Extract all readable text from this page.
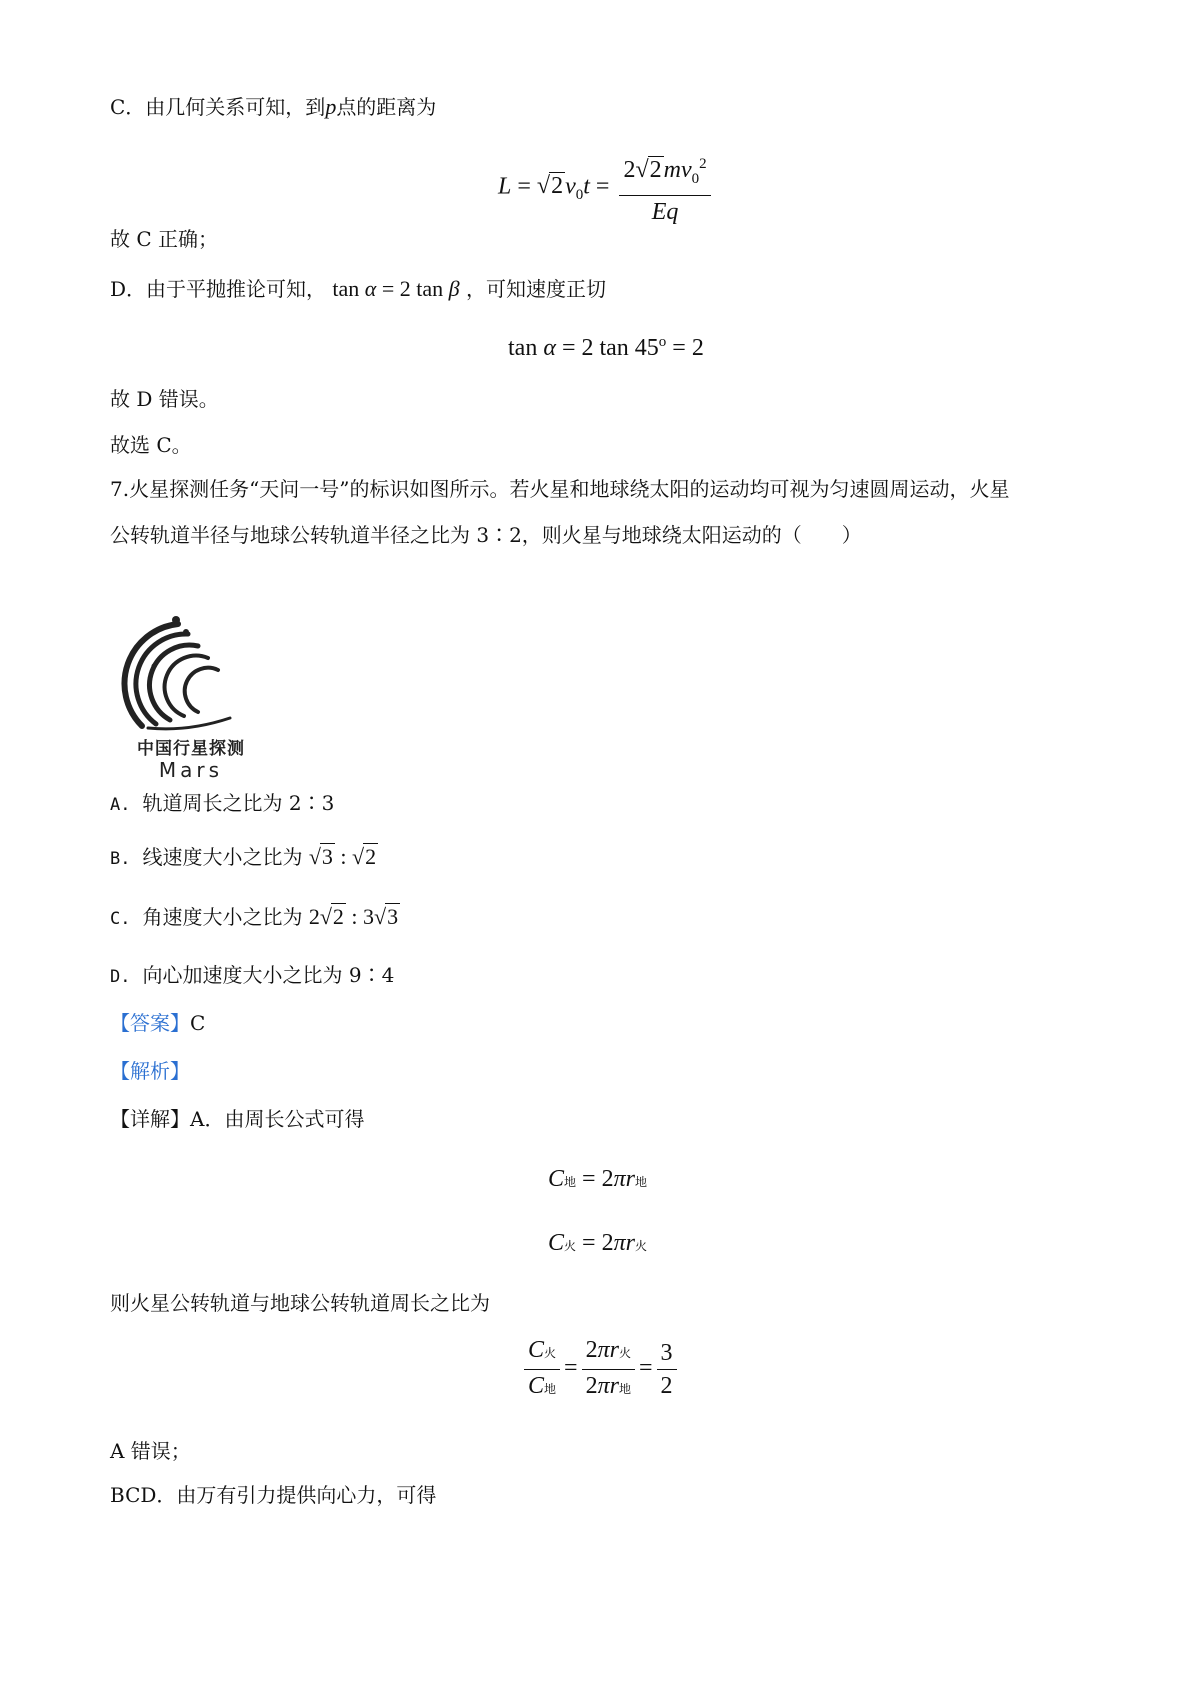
C．由几何关系可知，到p点的距离为
$L = √2v_0t = \frac{2√2mv_0^2}{Eq}$
故 C 正确；
D．由于平抛推论可知， tan α = 2 tan β ，可知速度正切
tan α = 2 $\tan 45^o = 2$
故 D 错误。
故选 C。
7.火星探测任务“天问一号”的标识如图所示。若火星和地球绕太阳的运动均可视为匀速圆周运动，火星
公转轨道半径与地球公转轨道半径之比为 3∶2，则火星与地球绕太阳运动的（　　）
中国行星探测
Mars
A. 轨道周长之比为 2∶3
B. 线速度大小之比为 √3 : √2
C. 角速度大小之比为 2√2 : 3√3
D. 向心加速度大小之比为 9∶4
【答案】C
【解析】
【详解】A．由周长公式可得
C地 = 2πr地
C火 = 2πr火
则火星公转轨道与地球公转轨道周长之比为
$\frac{\text{C火}}{\text{C地}} = \frac{\text{2πr火}}{\text{2πr地}} = \frac{3}{2}$
A 错误；
BCD．由万有引力提供向心力，可得
